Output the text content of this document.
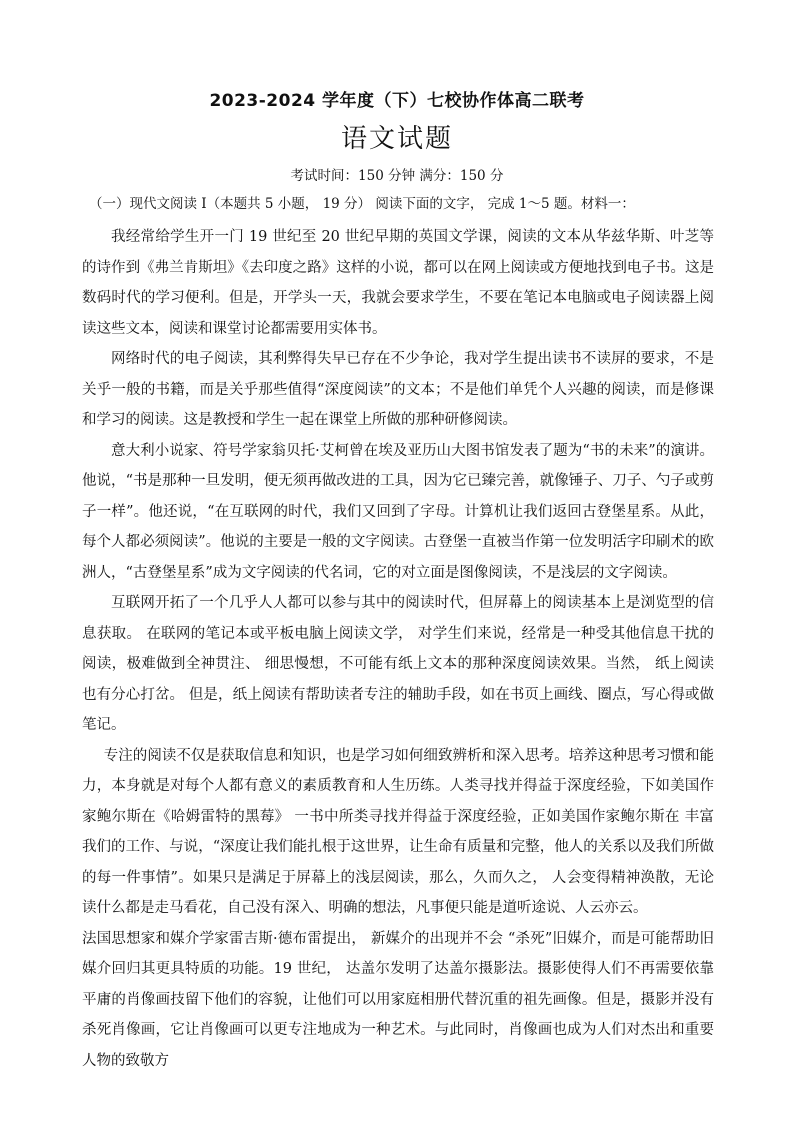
2023-2024 学年度（下）七校协作体高二联考
语文试题
考试时间：150 分钟 满分：150 分
（一）现代文阅读 I（本题共 5 小题， 19 分） 阅读下面的文字， 完成 1～5 题。材料一：

我经常给学生开一门 19 世纪至 20 世纪早期的英国文学课，阅读的文本从华兹华斯、叶芝等的诗作到《弗兰肯斯坦》《去印度之路》这样的小说，都可以在网上阅读或方便地找到电子书。这是数码时代的学习便利。但是，开学头一天，我就会要求学生，不要在笔记本电脑或电子阅读器上阅读这些文本，阅读和课堂讨论都需要用实体书。

网络时代的电子阅读，其利弊得失早已存在不少争论，我对学生提出读书不读屏的要求，不是关乎一般的书籍，而是关乎那些值得“深度阅读”的文本；不是他们单凭个人兴趣的阅读，而是修课和学习的阅读。这是教授和学生一起在课堂上所做的那种研修阅读。

意大利小说家、符号学家翁贝托·艾柯曾在埃及亚历山大图书馆发表了题为“书的未来”的演讲。他说，“书是那种一旦发明，便无须再做改进的工具，因为它已臻完善，就像锤子、刀子、勺子或剪子一样”。他还说，“在互联网的时代，我们又回到了字母。计算机让我们返回古登堡星系。从此，每个人都必须阅读”。他说的主要是一般的文字阅读。古登堡一直被当作第一位发明活字印刷术的欧洲人，“古登堡星系”成为文字阅读的代名词，它的对立面是图像阅读，不是浅层的文字阅读。

互联网开拓了一个几乎人人都可以参与其中的阅读时代，但屏幕上的阅读基本上是浏览型的信息获取。 在联网的笔记本或平板电脑上阅读文学， 对学生们来说，经常是一种受其他信息干扰的阅读，极难做到全神贯注、 细思慢想，不可能有纸上文本的那种深度阅读效果。当然， 纸上阅读也有分心打岔。 但是，纸上阅读有帮助读者专注的辅助手段，如在书页上画线、圈点，写心得或做笔记。

专注的阅读不仅是获取信息和知识，也是学习如何细致辨析和深入思考。培养这种思考习惯和能力，本身就是对每个人都有意义的素质教育和人生历练。人类寻找并得益于深度经验，下如美国作家鲍尔斯在《哈姆雷特的黑莓》 一书中所类寻找并得益于深度经验，正如美国作家鲍尔斯在 丰富我们的工作、与说，“深度让我们能扎根于这世界，让生命有质量和完整，他人的关系以及我们所做的每一件事情”。如果只是满足于屏幕上的浅层阅读，那么，久而久之， 人会变得精神涣散，无论读什么都是走马看花，自己没有深入、明确的想法，凡事便只能是道听途说、人云亦云。

法国思想家和媒介学家雷吉斯·德布雷提出， 新媒介的出现并不会 “杀死”旧媒介，而是可能帮助旧媒介回归其更具特质的功能。19 世纪， 达盖尔发明了达盖尔摄影法。摄影使得人们不再需要依靠平庸的肖像画技留下他们的容貌，让他们可以用家庭相册代替沉重的祖先画像。但是，摄影并没有杀死肖像画，它让肖像画可以更专注地成为一种艺术。与此同时，肖像画也成为人们对杰出和重要人物的致敬方
